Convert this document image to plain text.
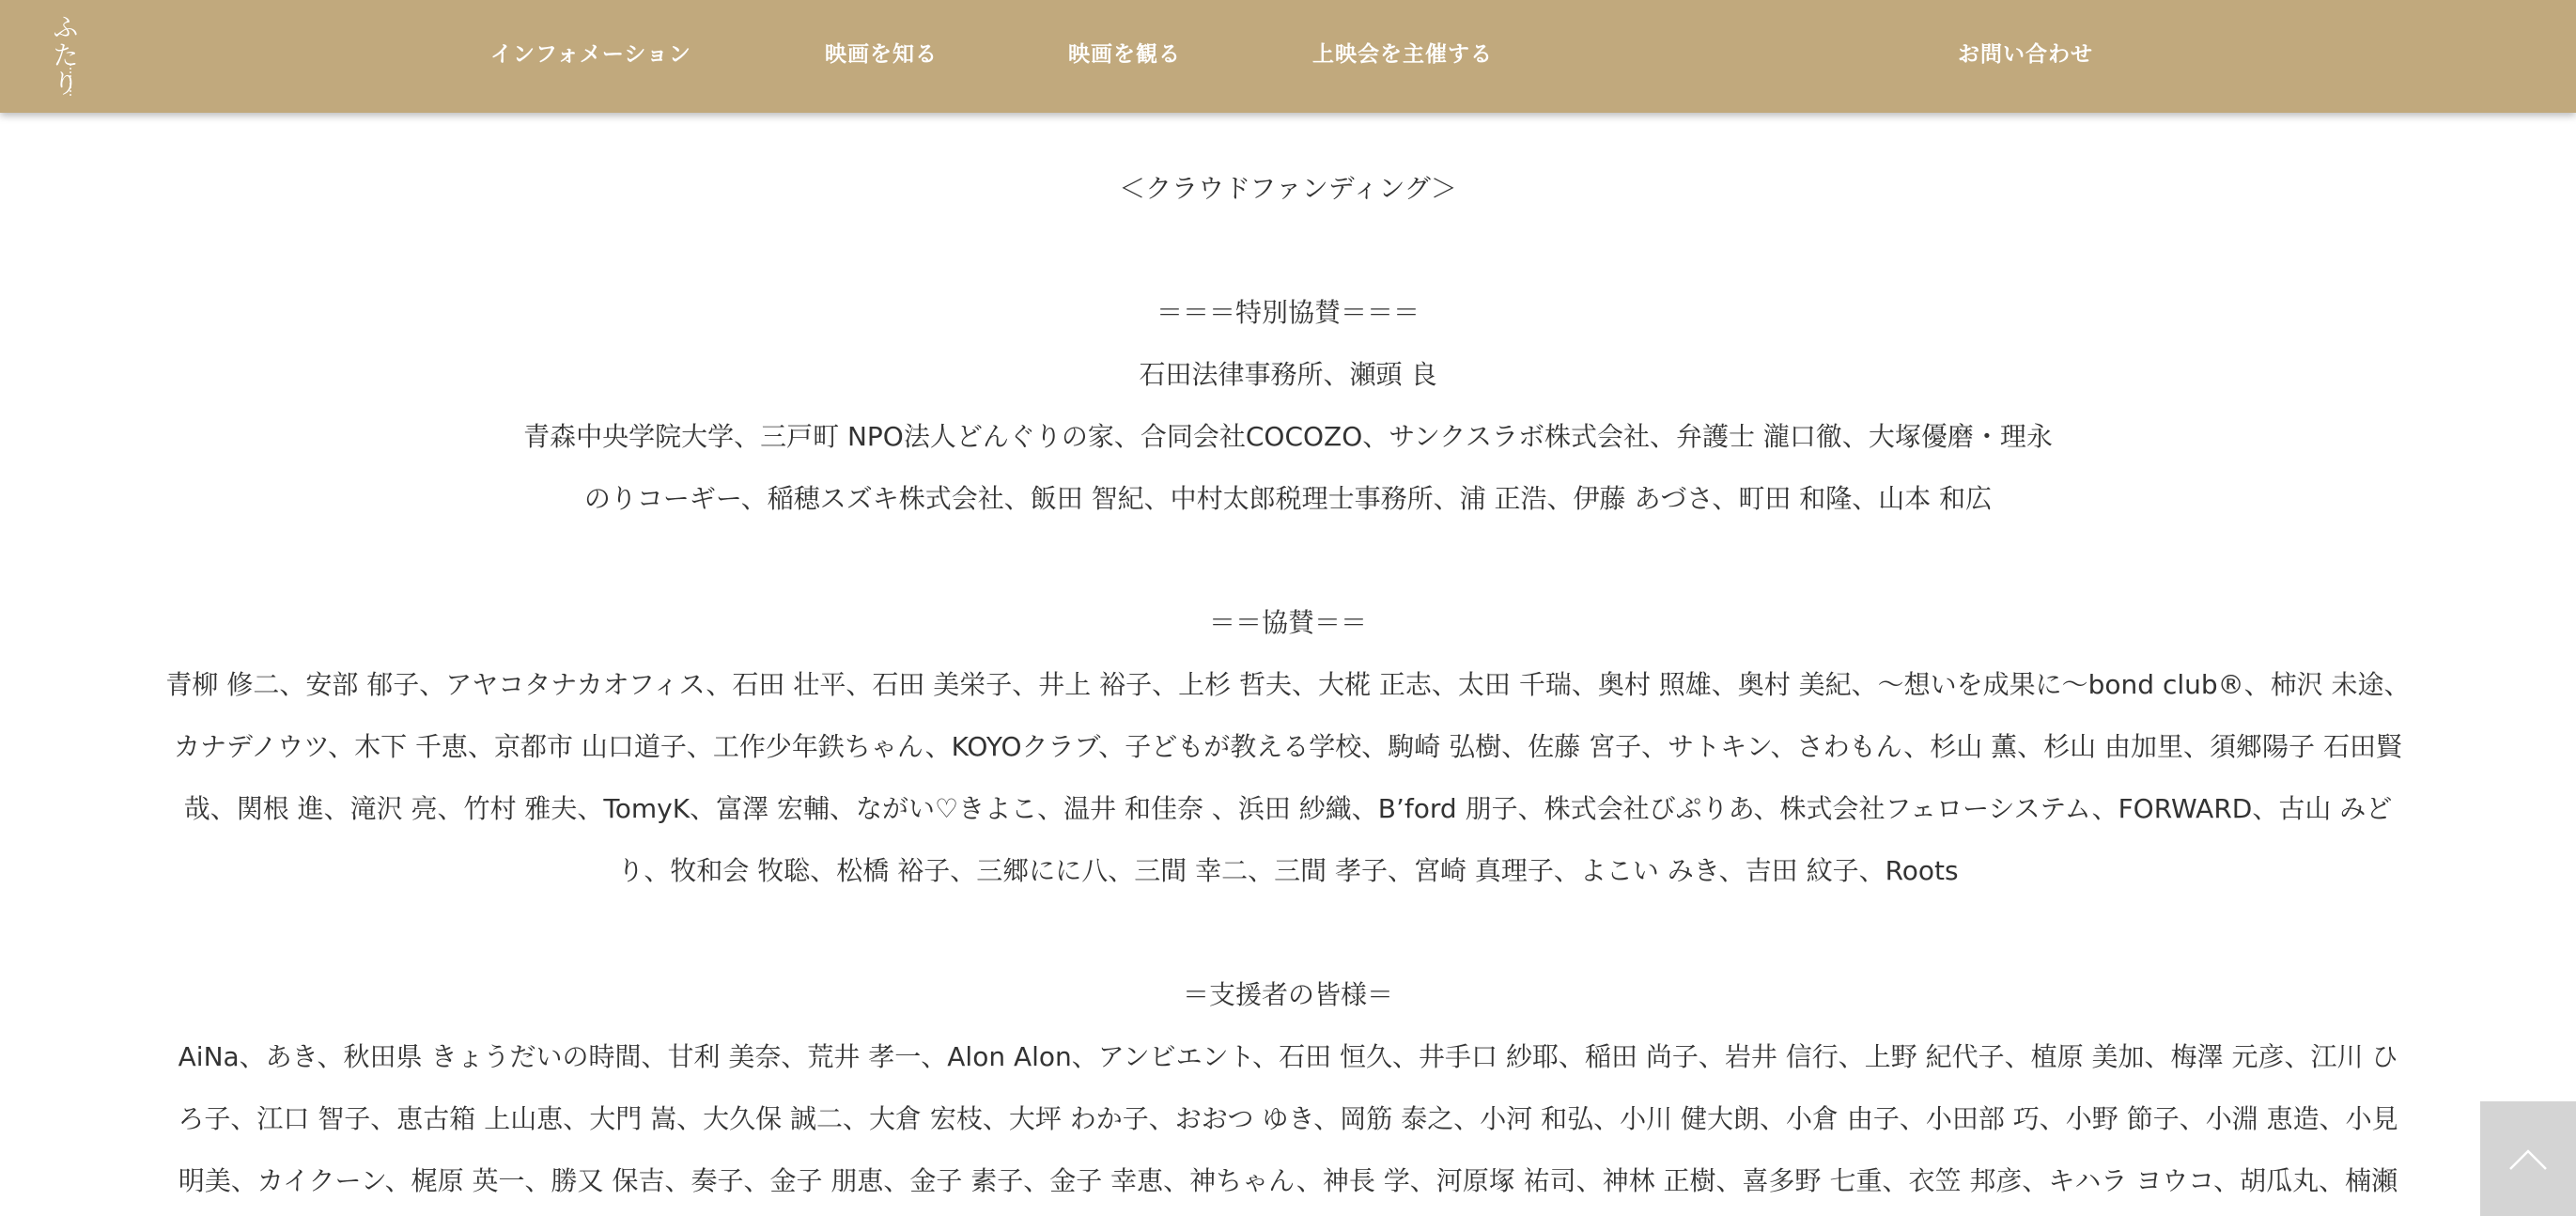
ふたり	インフォメーション	映画を知る	映画を観る	上映会を主催する	お問い合わせ

＜クラウドファンディング＞

＝＝＝特別協賛＝＝＝

石田法律事務所、瀬頭 良

青森中央学院大学、三戸町 NPO法人どんぐりの家、合同会社COCOZO、サンクスラボ株式会社、弁護士 瀧口徹、大塚優磨・理永

のりコーギー、稲穂スズキ株式会社、飯田 智紀、中村太郎税理士事務所、浦 正浩、伊藤 あづさ、町田 和隆、山本 和広

＝＝協賛＝＝

青柳 修二、安部 郁子、アヤコタナカオフィス、石田 壮平、石田 美栄子、井上 裕子、上杉 哲夫、大椛 正志、太田 千瑞、奥村 照雄、奥村 美紀、〜想いを成果に〜bond club®、柿沢 未途、

カナデノウツ、木下 千恵、京都市 山口道子、工作少年鉄ちゃん、KOYOクラブ、子どもが教える学校、駒崎 弘樹、佐藤 宮子、サトキン、さわもん、杉山 薫、杉山 由加里、須郷陽子 石田賢

哉、関根 進、滝沢 亮、竹村 雅夫、TomyK、富澤 宏輔、ながい♡きよこ、温井 和佳奈 、浜田 紗織、B’ford 朋子、株式会社びぷりあ、株式会社フェローシステム、FORWARD、古山 みど

り、牧和会 牧聡、松橋 裕子、三郷にに八、三間 幸二、三間 孝子、宮崎 真理子、よこい みき、吉田 紋子、Roots

＝支援者の皆様＝

AiNa、あき、秋田県 きょうだいの時間、甘利 美奈、荒井 孝一、Alon Alon、アンビエント、石田 恒久、井手口 紗耶、稲田 尚子、岩井 信行、上野 紀代子、植原 美加、梅澤 元彦、江川 ひ

ろ子、江口 智子、恵古箱 上山恵、大門 嵩、大久保 誠二、大倉 宏枝、大坪 わか子、おおつ ゆき、岡筋 泰之、小河 和弘、小川 健大朗、小倉 由子、小田部 巧、小野 節子、小淵 恵造、小見

明美、カイクーン、梶原 英一、勝又 保吉、奏子、金子 朋恵、金子 素子、金子 幸恵、神ちゃん、神長 学、河原塚 祐司、神林 正樹、喜多野 七重、衣笠 邦彦、キハラ ヨウコ、胡瓜丸、楠瀬
